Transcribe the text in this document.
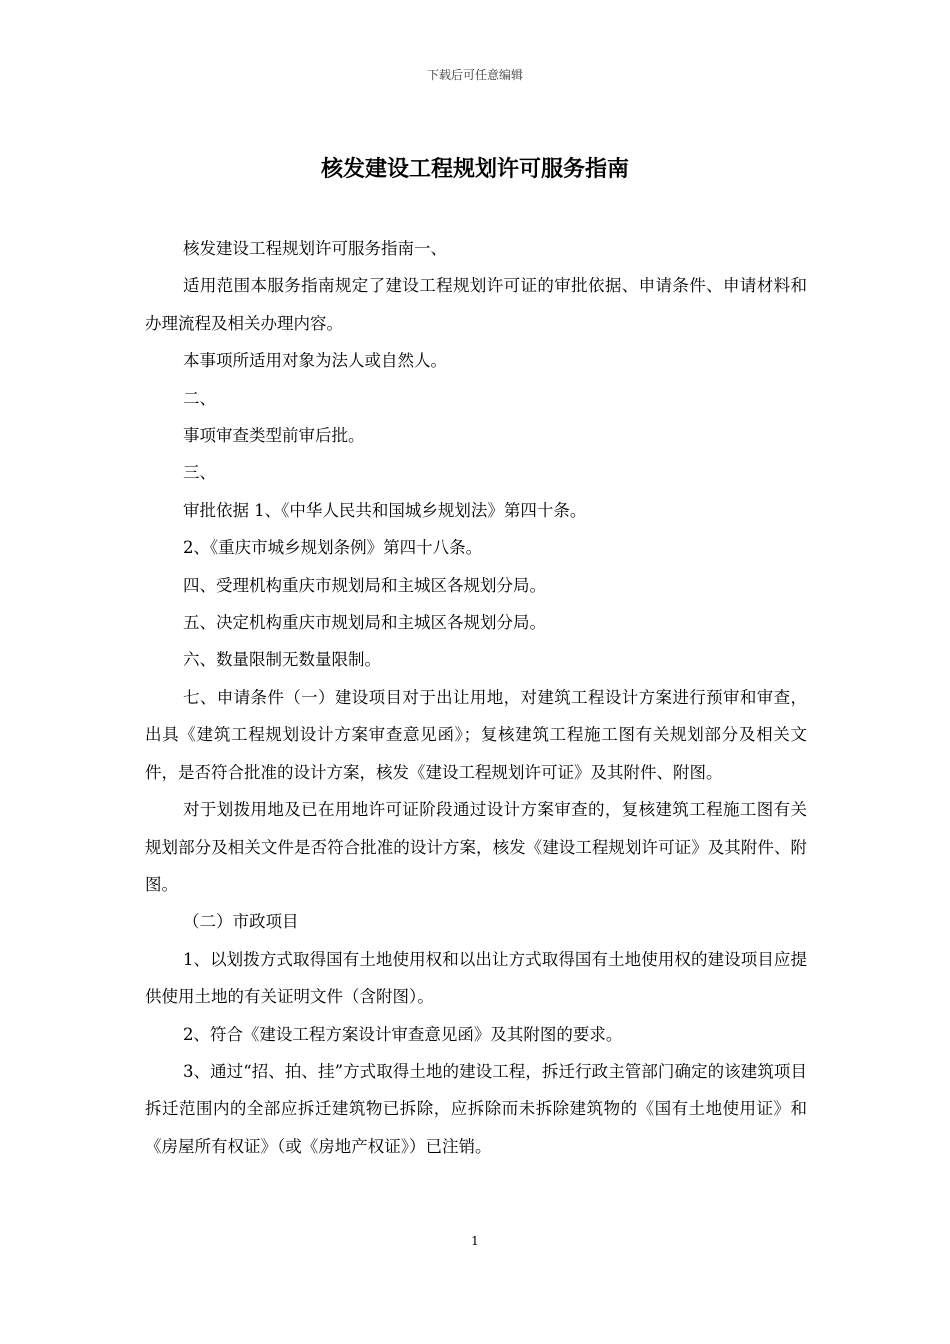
下载后可任意编辑
核发建设工程规划许可服务指南

核发建设工程规划许可服务指南一、

适用范围本服务指南规定了建设工程规划许可证的审批依据、申请条件、申请材料和办理流程及相关办理内容。

本事项所适用对象为法人或自然人。

二、

事项审查类型前审后批。

三、

审批依据 1、《中华人民共和国城乡规划法》第四十条。

2、《重庆市城乡规划条例》第四十八条。

四、受理机构重庆市规划局和主城区各规划分局。

五、决定机构重庆市规划局和主城区各规划分局。

六、数量限制无数量限制。

七、申请条件（一）建设项目对于出让用地，对建筑工程设计方案进行预审和审查，出具《建筑工程规划设计方案审查意见函》；复核建筑工程施工图有关规划部分及相关文件，是否符合批准的设计方案，核发《建设工程规划许可证》及其附件、附图。

对于划拨用地及已在用地许可证阶段通过设计方案审查的，复核建筑工程施工图有关规划部分及相关文件是否符合批准的设计方案，核发《建设工程规划许可证》及其附件、附图。

（二）市政项目

1、以划拨方式取得国有土地使用权和以出让方式取得国有土地使用权的建设项目应提供使用土地的有关证明文件（含附图）。

2、符合《建设工程方案设计审查意见函》及其附图的要求。

3、通过“招、拍、挂”方式取得土地的建设工程，拆迁行政主管部门确定的该建筑项目拆迁范围内的全部应拆迁建筑物已拆除，应拆除而未拆除建筑物的《国有土地使用证》和《房屋所有权证》（或《房地产权证》）已注销。

1
